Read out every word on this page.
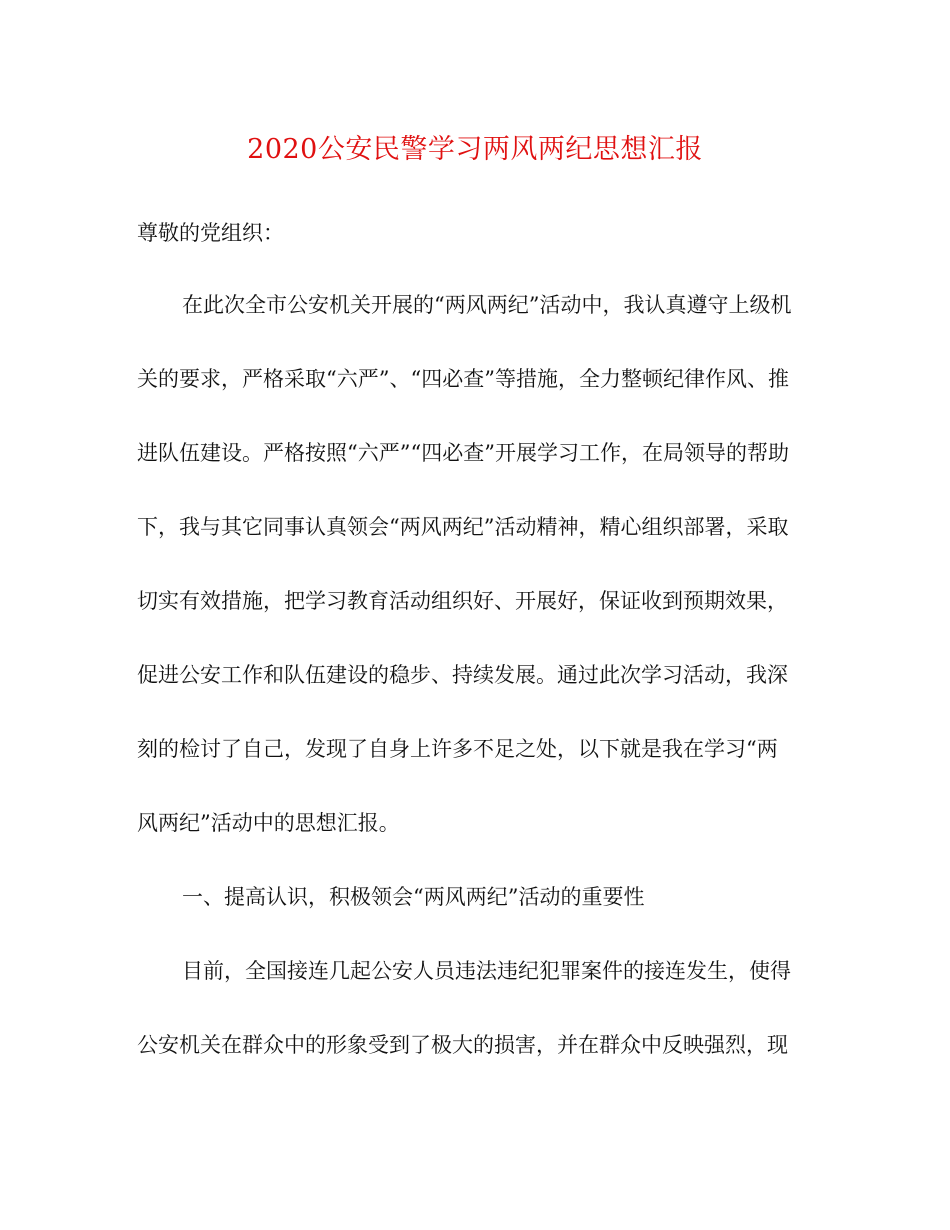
2020公安民警学习两风两纪思想汇报
尊敬的党组织：
在此次全市公安机关开展的“两风两纪”活动中，我认真遵守上级机
关的要求，严格采取“六严”、“四必查”等措施，全力整顿纪律作风、推
进队伍建设。严格按照“六严”“四必查”开展学习工作，在局领导的帮助
下，我与其它同事认真领会“两风两纪”活动精神，精心组织部署，采取
切实有效措施，把学习教育活动组织好、开展好，保证收到预期效果，
促进公安工作和队伍建设的稳步、持续发展。通过此次学习活动，我深
刻的检讨了自己，发现了自身上许多不足之处，以下就是我在学习“两
风两纪”活动中的思想汇报。
一、提高认识，积极领会“两风两纪”活动的重要性
目前，全国接连几起公安人员违法违纪犯罪案件的接连发生，使得
公安机关在群众中的形象受到了极大的损害，并在群众中反映强烈，现
